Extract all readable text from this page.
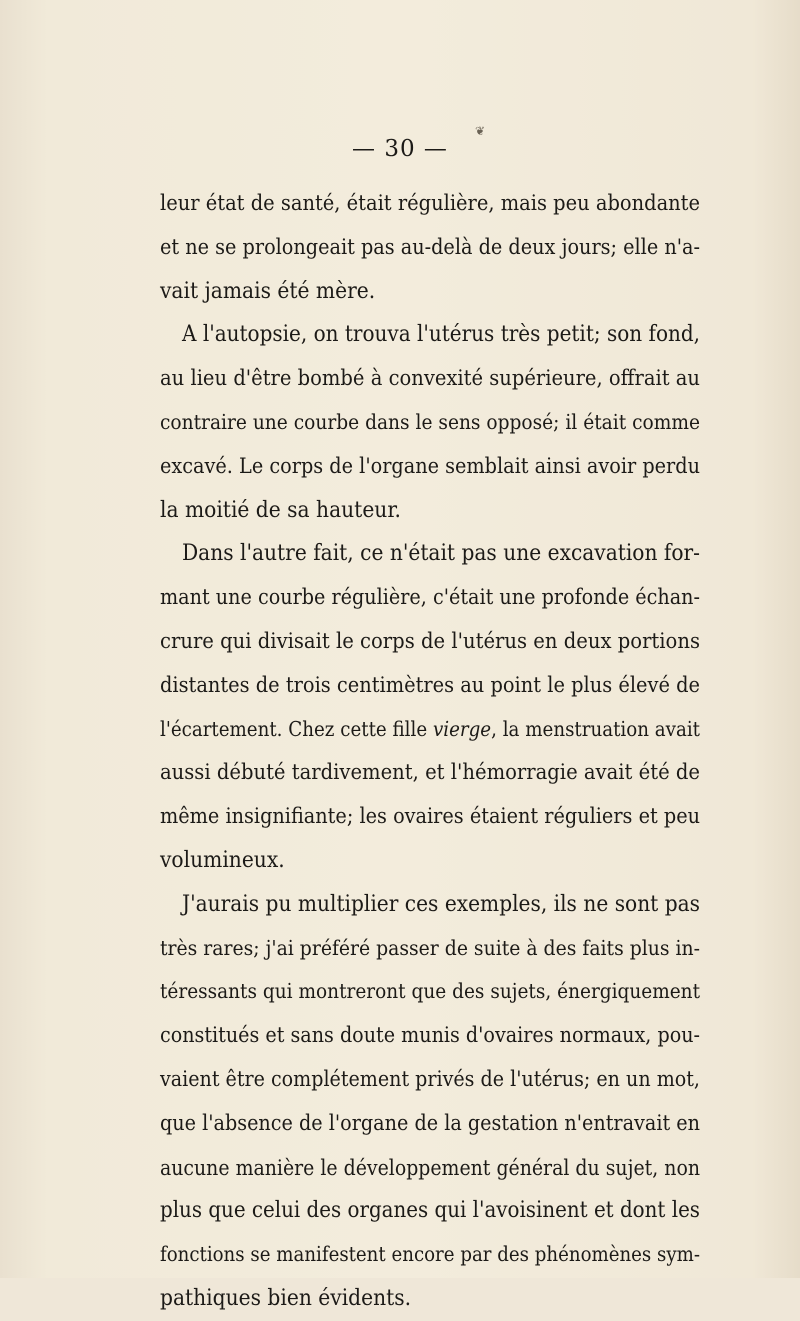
❦
— 30 —
leur état de santé, était régulière, mais peu abondante
et ne se prolongeait pas au-delà de deux jours; elle n'a-
vait jamais été mère.
A l'autopsie, on trouva l'utérus très petit; son fond,
au lieu d'être bombé à convexité supérieure, offrait au
contraire une courbe dans le sens opposé; il était comme
excavé. Le corps de l'organe semblait ainsi avoir perdu
la moitié de sa hauteur.
Dans l'autre fait, ce n'était pas une excavation for-
mant une courbe régulière, c'était une profonde échan-
crure qui divisait le corps de l'utérus en deux portions
distantes de trois centimètres au point le plus élevé de
l'écartement. Chez cette fille vierge, la menstruation avait
aussi débuté tardivement, et l'hémorragie avait été de
même insignifiante; les ovaires étaient réguliers et peu
volumineux.
J'aurais pu multiplier ces exemples, ils ne sont pas
très rares; j'ai préféré passer de suite à des faits plus in-
téressants qui montreront que des sujets, énergiquement
constitués et sans doute munis d'ovaires normaux, pou-
vaient être complétement privés de l'utérus; en un mot,
que l'absence de l'organe de la gestation n'entravait en
aucune manière le développement général du sujet, non
plus que celui des organes qui l'avoisinent et dont les
fonctions se manifestent encore par des phénomènes sym-
pathiques bien évidents.
